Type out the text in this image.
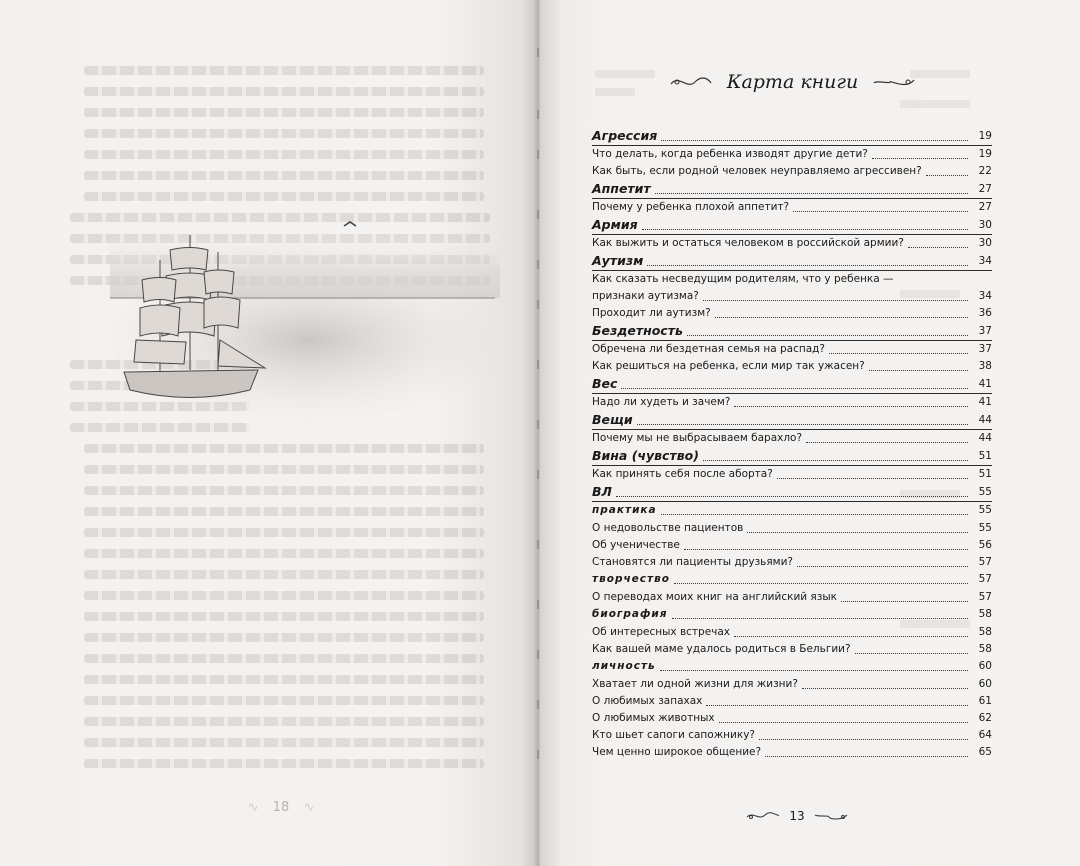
∿ 18 ∿
Карта книги
Агрессия	19
Что делать, когда ребенка изводят другие дети?	19
Как быть, если родной человек неуправляемо агрессивен?	22
Аппетит	27
Почему у ребенка плохой аппетит?	27
Армия	30
Как выжить и остаться человеком в российской армии?	30
Аутизм	34
Как сказать несведущим родителям, что у ребенка —
признаки аутизма?	34
Проходит ли аутизм?	36
Бездетность	37
Обречена ли бездетная семья на распад?	37
Как решиться на ребенка, если мир так ужасен?	38
Вес	41
Надо ли худеть и зачем?	41
Вещи	44
Почему мы не выбрасываем барахло?	44
Вина (чувство)	51
Как принять себя после аборта?	51
ВЛ	55
практика	55
О недовольстве пациентов	55
Об ученичестве	56
Становятся ли пациенты друзьями?	57
творчество	57
О переводах моих книг на английский язык	57
биография	58
Об интересных встречах	58
Как вашей маме удалось родиться в Бельгии?	58
личность	60
Хватает ли одной жизни для жизни?	60
О любимых запахах	61
О любимых животных	62
Кто шьет сапоги сапожнику?	64
Чем ценно широкое общение?	65
13
